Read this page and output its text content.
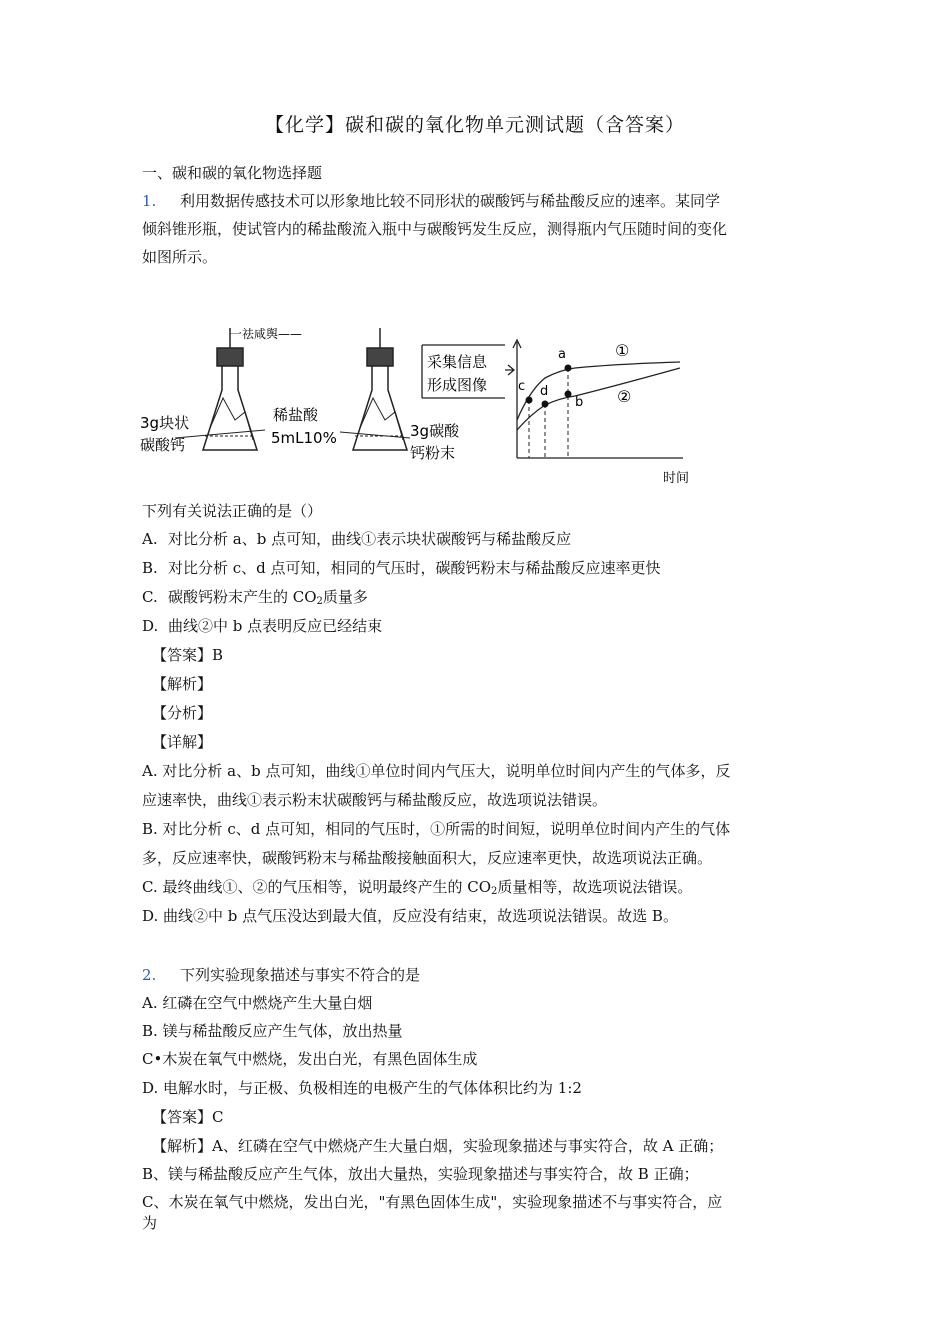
【化学】碳和碳的氧化物单元测试题（含答案）
一、碳和碳的氧化物选择题
1. 利用数据传感技术可以形象地比较不同形状的碳酸钙与稀盐酸反应的速率。某同学
倾斜锥形瓶，使试管内的稀盐酸流入瓶中与碳酸钙发生反应，测得瓶内气压随时间的变化
如图所示。
一祛咸舆——
3g块状
碳酸钙
稀盐酸
5mL10%	3g碳酸
钙粉末
采集信息
形成图像 c d
a
b
①
②
时间
下列有关说法正确的是（）
A. 对比分析 a、b 点可知，曲线①表示块状碳酸钙与稀盐酸反应
B. 对比分析 c、d 点可知，相同的气压时，碳酸钙粉末与稀盐酸反应速率更快
C. 碳酸钙粉末产生的 $CO_2$质量多
D. 曲线②中 b 点表明反应已经结束
【答案】B
【解析】
【分析】
【详解】
A. 对比分析 a、b 点可知，曲线①单位时间内气压大，说明单位时间内产生的气体多，反
应速率快，曲线①表示粉末状碳酸钙与稀盐酸反应，故选项说法错误。
B. 对比分析 c、d 点可知，相同的气压时，①所需的时间短，说明单位时间内产生的气体
多，反应速率快，碳酸钙粉末与稀盐酸接触面积大，反应速率更快，故选项说法正确。
C. 最终曲线①、②的气压相等，说明最终产生的 $CO_2$质量相等，故选项说法错误。
D. 曲线②中 b 点气压没达到最大值，反应没有结束，故选项说法错误。故选 B。
2. 下列实验现象描述与事实不符合的是
A. 红磷在空气中燃烧产生大量白烟
B. 镁与稀盐酸反应产生气体，放出热量
C•木炭在氧气中燃烧，发出白光，有黑色固体生成
D. 电解水时，与正极、负极相连的电极产生的气体体积比约为 1:2
【答案】C
【解析】A、红磷在空气中燃烧产生大量白烟，实验现象描述与事实符合，故 A 正确；
B、镁与稀盐酸反应产生气体，放出大量热，实验现象描述与事实符合，故 B 正确；
C、木炭在氧气中燃烧，发出白光，"有黑色固体生成"，实验现象描述不与事实符合，应
为
